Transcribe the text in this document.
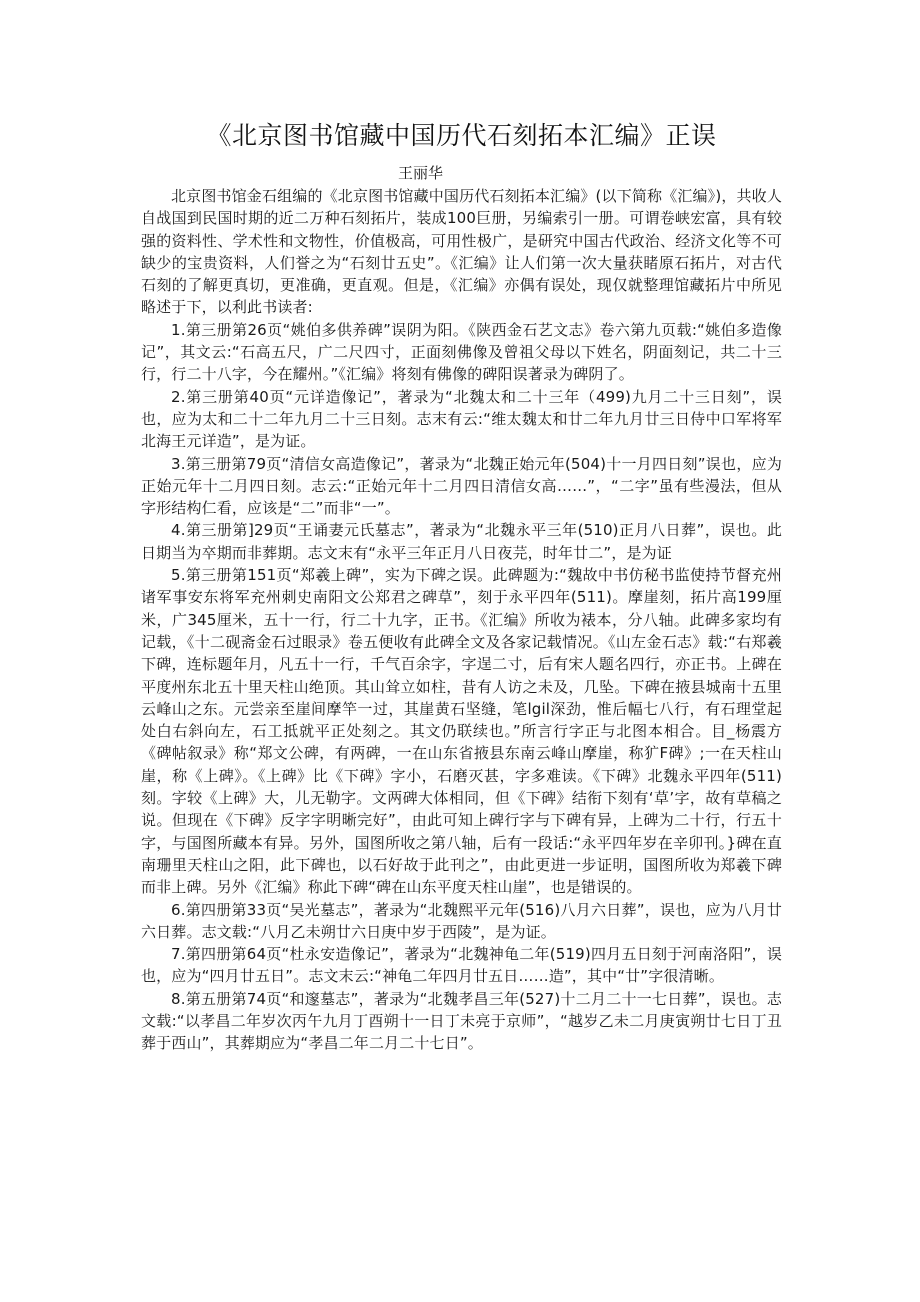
《北京图书馆藏中国历代石刻拓本汇编》正误
王丽华

北京图书馆金石组编的《北京图书馆藏中国历代石刻拓本汇编》(以下简称《汇编》)，共收人自战国到民国时期的近二万种石刻拓片，装成100巨册，另编索引一册。可谓卷峡宏富，具有较强的资料性、学术性和文物性，价值极高，可用性极广，是研究中国古代政治、经济文化等不可缺少的宝贵资料，人们誉之为“石刻廿五史”。《汇编》让人们第一次大量获睹原石拓片，对古代石刻的了解更真切，更准确，更直观。但是，《汇编》亦偶有误处，现仅就整理馆藏拓片中所见略述于下，以利此书读者:

1.第三册第26页“姚伯多供养碑”误阴为阳。《陕西金石艺文志》卷六第九页载:“姚伯多造像记”，其文云:“石高五尺，广二尺四寸，正面刻佛像及曾祖父母以下姓名，阴面刻记，共二十三行，行二十八字，今在耀州。”《汇编》将刻有佛像的碑阳误著录为碑阴了。

2.第三册第40页“元详造像记”，著录为“北魏太和二十三年（499)九月二十三日刻”，误也，应为太和二十二年九月二十三日刻。志末有云:“维太魏太和廿二年九月廿三日侍中口军将军北海王元详造”，是为证。

3.第三册第79页“清信女高造像记”，著录为“北魏正始元年(504)十一月四日刻”误也，应为正始元年十二月四日刻。志云:“正始元年十二月四日清信女高……”，“二字”虽有些漫法，但从字形结构仁看，应该是“二”而非“一”。

4.第三册第]29页“王诵妻元氏墓志”，著录为“北魏永平三年(510)正月八日葬”，误也。此日期当为卒期而非葬期。志文末有“永平三年正月八日夜芫，时年廿二”，是为证

5.第三册第151页“郑羲上碑”，实为下碑之误。此碑题为:“魏故中书仿秘书监使持节督充州诸军事安东将军充州刺史南阳文公郑君之碑草”，刻于永平四年(511)。摩崖刻，拓片高199厘米，广345厘米，五十一行，行二十九字，正书。《汇编》所收为裱本，分八轴。此碑多家均有记载，《十二砚斋金石过眼录》卷五便收有此碑全文及各家记载情况。《山左金石志》载:“右郑羲下碑，连标题年月，凡五十一行，千气百余字，字逞二寸，后有宋人题名四行，亦正书。上碑在平度州东北五十里天柱山绝顶。其山耸立如柱，昔有人访之未及，几坠。下碑在掖县城南十五里云峰山之东。元尝亲至崖间摩竿一过，其崖黄石坚缝，笔lgil深劲，惟后幅七八行，有石理堂起处白右斜向左，石工抵就平正处刻之。其文仍联续也。”所言行字正与北图本相合。目_杨震方《碑帖叙录》称“郑文公碑，有两碑，一在山东省掖县东南云峰山摩崖，称犷F碑》;一在天柱山崖，称《上碑》。《上碑》比《下碑》字小，石磨灭甚，字多难读。《下碑》北魏永平四年(511)刻。字较《上碑》大，儿无勒字。文两碑大体相同，但《下碑》结衔下刻有‘草’字，故有草稿之说。但现在《下碑》反字字明晰完好”，由此可知上碑行字与下碑有异，上碑为二十行，行五十字，与国图所藏本有异。另外，国图所收之第八轴，后有一段话:“永平四年岁在辛卯刊。}碑在直南珊里天柱山之阳，此下碑也，以石好故于此刊之”，由此更进一步证明，国图所收为郑羲下碑而非上碑。另外《汇编》称此下碑“碑在山东平度天柱山崖”，也是错误的。

6.第四册第33页“吴光墓志”，著录为“北魏熙平元年(516)八月六日葬”，误也，应为八月廿六日葬。志文载:“八月乙未朔廿六日庚中岁于西陵”，是为证。

7.第四册第64页“杜永安造像记”，著录为“北魏神龟二年(519)四月五日刻于河南洛阳”，误也，应为“四月廿五日”。志文末云:“神龟二年四月廿五日……造”，其中“廿”字很清晰。

8.第五册第74页“和邃墓志”，著录为“北魏孝昌三年(527)十二月二十一七日葬”，误也。志文载:“以孝昌二年岁次丙午九月丁酉朔十一日丁未亮于京师”，“越岁乙未二月庚寅朔廿七日丁丑葬于西山”，其葬期应为“孝昌二年二月二十七日”。
